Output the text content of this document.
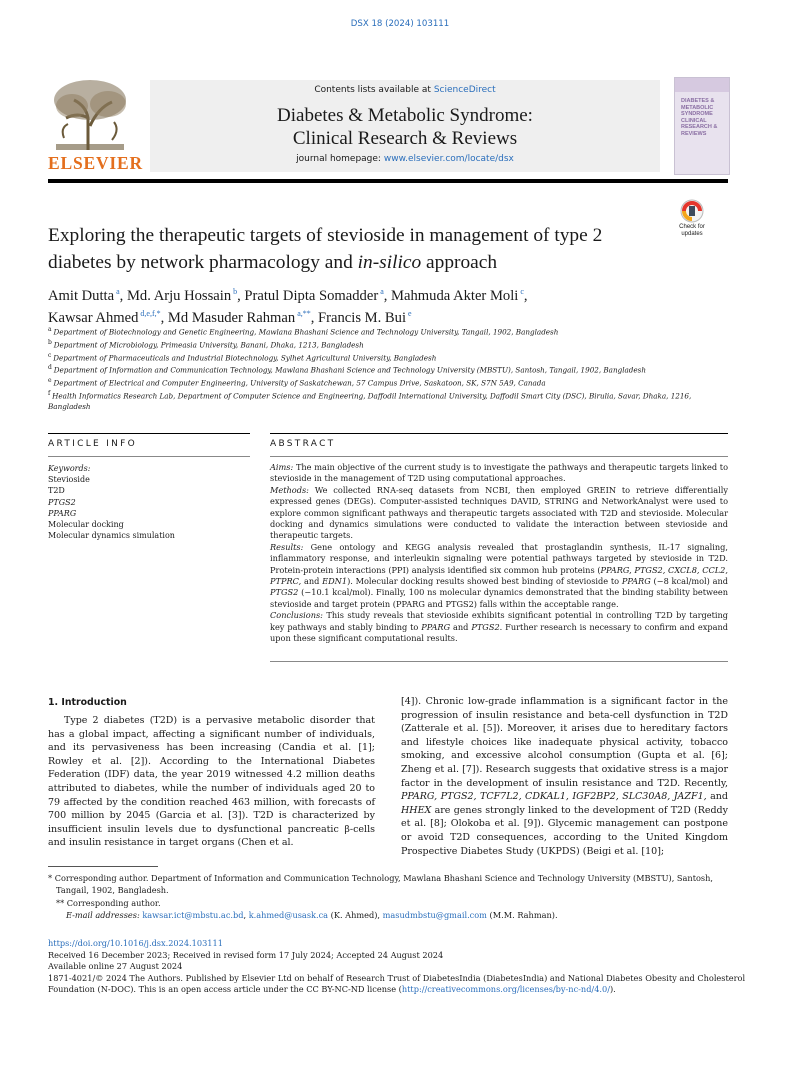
DSX 18 (2024) 103111
ELSEVIER
Contents lists available at ScienceDirect
Diabetes & Metabolic Syndrome:
Clinical Research & Reviews
journal homepage: www.elsevier.com/locate/dsx
DIABETES & METABOLIC SYNDROME CLINICAL RESEARCH & REVIEWS
Exploring the therapeutic targets of stevioside in management of type 2 diabetes by network pharmacology and in-silico approach
Check for updates
Amit Dutta $^a$, Md. Arju Hossain $^b$, Pratul Dipta Somadder $^a$, Mahmuda Akter Moli $^c$,
Kawsar Ahmed $^{d,e,f,*}$, Md Masuder Rahman $^{a,**}$, Francis M. Bui $^e$
$^a$ Department of Biotechnology and Genetic Engineering, Mawlana Bhashani Science and Technology University, Tangail, 1902, Bangladesh
$^b$ Department of Microbiology, Primeasia University, Banani, Dhaka, 1213, Bangladesh
$^c$ Department of Pharmaceuticals and Industrial Biotechnology, Sylhet Agricultural University, Bangladesh
$^d$ Department of Information and Communication Technology, Mawlana Bhashani Science and Technology University (MBSTU), Santosh, Tangail, 1902, Bangladesh
$^e$ Department of Electrical and Computer Engineering, University of Saskatchewan, 57 Campus Drive, Saskatoon, SK, S7N 5A9, Canada
$^f$ Health Informatics Research Lab, Department of Computer Science and Engineering, Daffodil International University, Daffodil Smart City (DSC), Birulia, Savar, Dhaka, 1216, Bangladesh
ARTICLE INFO	ABSTRACT
Keywords:
Stevioside
T2D
PTGS2
PPARG
Molecular docking
Molecular dynamics simulation

Aims: The main objective of the current study is to investigate the pathways and therapeutic targets linked to stevioside in the management of T2D using computational approaches.

Methods: We collected RNA-seq datasets from NCBI, then employed GREIN to retrieve differentially expressed genes (DEGs). Computer-assisted techniques DAVID, STRING and NetworkAnalyst were used to explore common significant pathways and therapeutic targets associated with T2D and stevioside. Molecular docking and dynamics simulations were conducted to validate the interaction between stevioside and therapeutic targets.

Results: Gene ontology and KEGG analysis revealed that prostaglandin synthesis, IL-17 signaling, inflammatory response, and interleukin signaling were potential pathways targeted by stevioside in T2D. Protein-protein interactions (PPI) analysis identified six common hub proteins (PPARG, PTGS2, CXCL8, CCL2, PTPRC, and EDN1). Molecular docking results showed best binding of stevioside to PPARG (−8 kcal/mol) and PTGS2 (−10.1 kcal/mol). Finally, 100 ns molecular dynamics demonstrated that the binding stability between stevioside and target protein (PPARG and PTGS2) falls within the acceptable range.

Conclusions: This study reveals that stevioside exhibits significant potential in controlling T2D by targeting key pathways and stably binding to PPARG and PTGS2. Further research is necessary to confirm and expand upon these significant computational results.

1. Introduction

Type 2 diabetes (T2D) is a pervasive metabolic disorder that has a global impact, affecting a significant number of individuals, and its pervasiveness has been increasing (Candia et al. [1]; Rowley et al. [2]). According to the International Diabetes Federation (IDF) data, the year 2019 witnessed 4.2 million deaths attributed to diabetes, while the number of individuals aged 20 to 79 affected by the condition reached 463 million, with forecasts of 700 million by 2045 (Garcia et al. [3]). T2D is characterized by insufficient insulin levels due to dysfunctional pancreatic β-cells and insulin resistance in target organs (Chen et al.

[4]). Chronic low-grade inflammation is a significant factor in the progression of insulin resistance and beta-cell dysfunction in T2D (Zatterale et al. [5]). Moreover, it arises due to hereditary factors and lifestyle choices like inadequate physical activity, tobacco smoking, and excessive alcohol consumption (Gupta et al. [6]; Zheng et al. [7]). Research suggests that oxidative stress is a major factor in the development of insulin resistance and T2D. Recently, PPARG, PTGS2, TCF7L2, CDKAL1, IGF2BP2, SLC30A8, JAZF1, and HHEX are genes strongly linked to the development of T2D (Reddy et al. [8]; Olokoba et al. [9]). Glycemic management can postpone or avoid T2D consequences, according to the United Kingdom Prospective Diabetes Study (UKPDS) (Beigi et al. [10];

* Corresponding author. Department of Information and Communication Technology, Mawlana Bhashani Science and Technology University (MBSTU), Santosh, Tangail, 1902, Bangladesh.
** Corresponding author.
E-mail addresses: kawsar.ict@mbstu.ac.bd, k.ahmed@usask.ca (K. Ahmed), masudmbstu@gmail.com (M.M. Rahman).
https://doi.org/10.1016/j.dsx.2024.103111
Received 16 December 2023; Received in revised form 17 July 2024; Accepted 24 August 2024
Available online 27 August 2024
1871-4021/© 2024 The Authors. Published by Elsevier Ltd on behalf of Research Trust of DiabetesIndia (DiabetesIndia) and National Diabetes Obesity and Cholesterol Foundation (N-DOC). This is an open access article under the CC BY-NC-ND license (http://creativecommons.org/licenses/by-nc-nd/4.0/).
